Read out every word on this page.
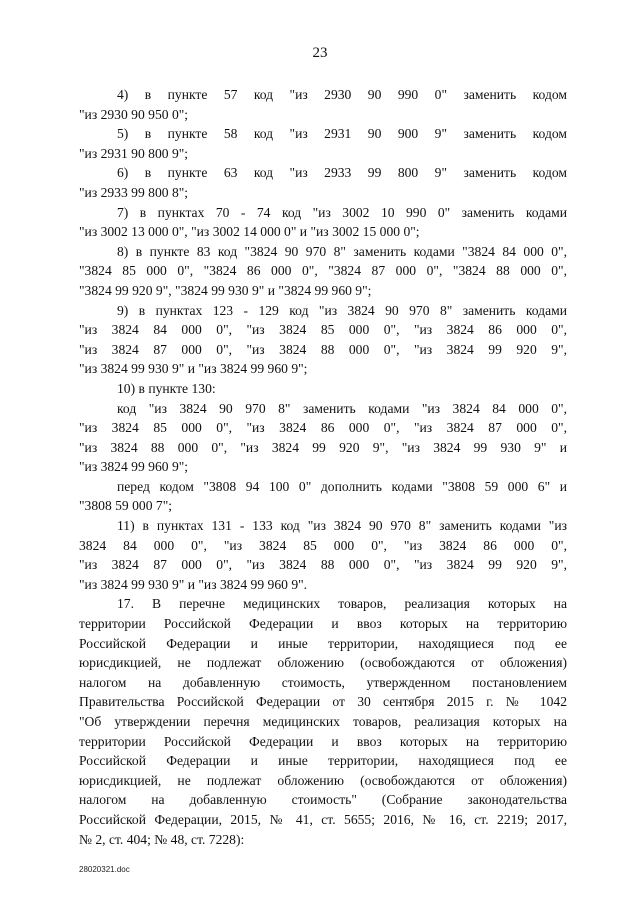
23

4) в пункте 57 код "из 2930 90 990 0" заменить кодом

"из 2930 90 950 0";

5) в пункте 58 код "из 2931 90 900 9" заменить кодом

"из 2931 90 800 9";

6) в пункте 63 код "из 2933 99 800 9" заменить кодом

"из 2933 99 800 8";

7) в пунктах 70 - 74 код "из 3002 10 990 0" заменить кодами

"из 3002 13 000 0", "из 3002 14 000 0" и "из 3002 15 000 0";

8) в пункте 83 код "3824 90 970 8" заменить кодами "3824 84 000 0",

"3824 85 000 0", "3824 86 000 0", "3824 87 000 0", "3824 88 000 0",

"3824 99 920 9", "3824 99 930 9" и "3824 99 960 9";

9) в пунктах 123 - 129 код "из 3824 90 970 8" заменить кодами

"из 3824 84 000 0", "из 3824 85 000 0", "из 3824 86 000 0",

"из 3824 87 000 0", "из 3824 88 000 0", "из 3824 99 920 9",

"из 3824 99 930 9" и "из 3824 99 960 9";

10) в пункте 130:

код "из 3824 90 970 8" заменить кодами "из 3824 84 000 0",

"из 3824 85 000 0", "из 3824 86 000 0", "из 3824 87 000 0",

"из 3824 88 000 0", "из 3824 99 920 9", "из 3824 99 930 9" и

"из 3824 99 960 9";

перед кодом "3808 94 100 0" дополнить кодами "3808 59 000 6" и

"3808 59 000 7";

11) в пунктах 131 - 133 код "из 3824 90 970 8" заменить кодами "из

3824 84 000 0", "из 3824 85 000 0", "из 3824 86 000 0",

"из 3824 87 000 0", "из 3824 88 000 0", "из 3824 99 920 9",

"из 3824 99 930 9" и "из 3824 99 960 9".

17. В перечне медицинских товаров, реализация которых на

территории Российской Федерации и ввоз которых на территорию

Российской Федерации и иные территории, находящиеся под ее

юрисдикцией, не подлежат обложению (освобождаются от обложения)

налогом на добавленную стоимость, утвержденном постановлением

Правительства Российской Федерации от 30 сентября 2015 г. № 1042

"Об утверждении перечня медицинских товаров, реализация которых на

территории Российской Федерации и ввоз которых на территорию

Российской Федерации и иные территории, находящиеся под ее

юрисдикцией, не подлежат обложению (освобождаются от обложения)

налогом на добавленную стоимость" (Собрание законодательства

Российской Федерации, 2015, № 41, ст. 5655; 2016, № 16, ст. 2219; 2017,

№ 2, ст. 404; № 48, ст. 7228):

28020321.doc
